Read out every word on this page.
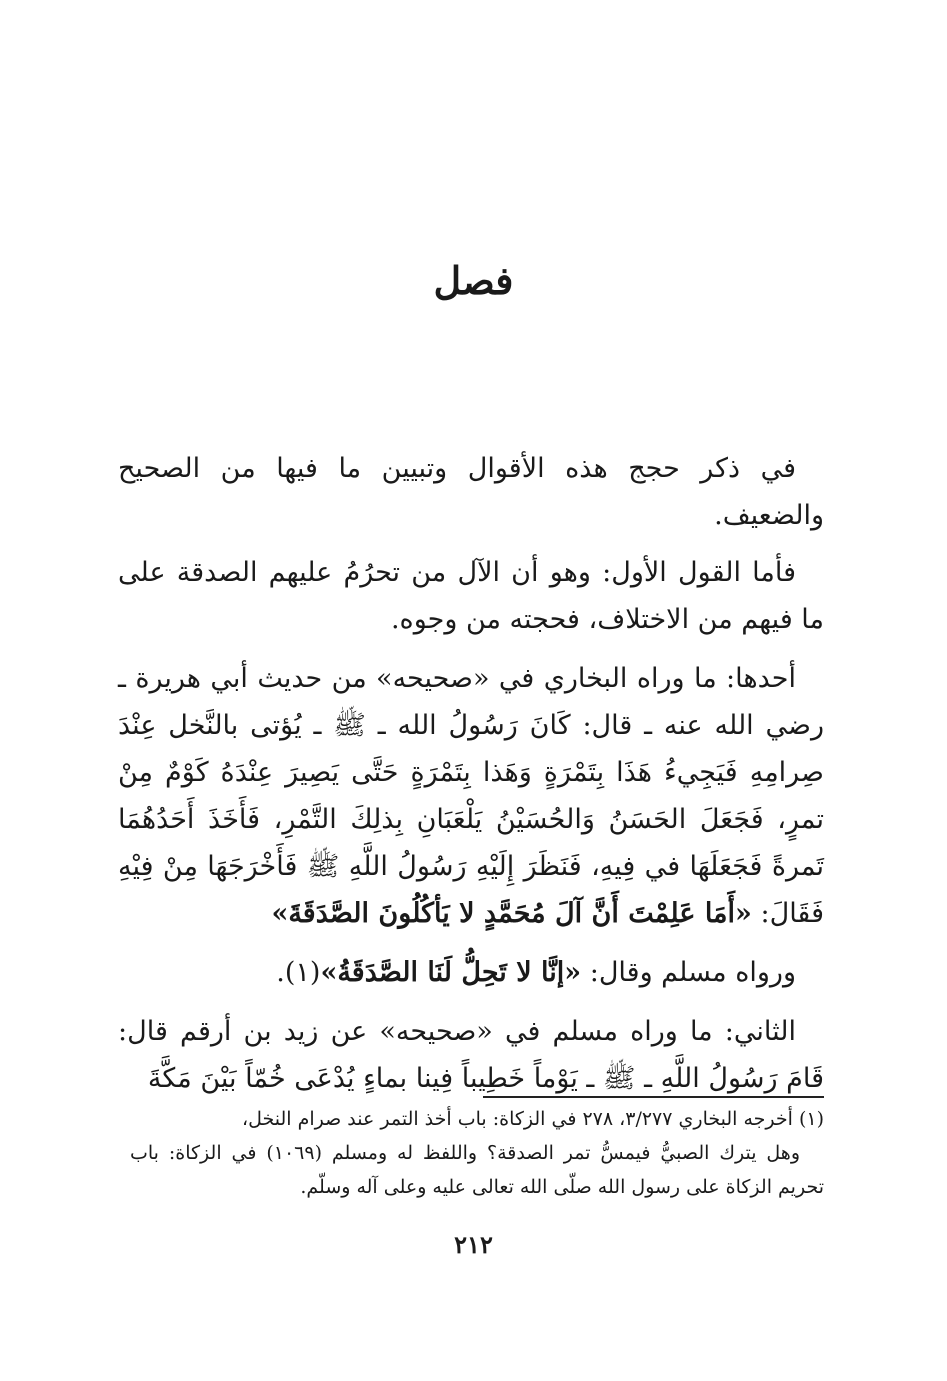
فصل

في ذكر حجج هذه الأقوال وتبيين ما فيها من الصحيح والضعيف.

فأما القول الأول: وهو أن الآل من تحرُمُ عليهم الصدقة على ما فيهم من الاختلاف، فحجته من وجوه.

أحدها: ما وراه البخاري في «صحيحه» من حديث أبي هريرة ـ رضي الله عنه ـ قال: كَانَ رَسُولُ الله ـ ﷺ ـ يُؤتى بالنَّخل عِنْدَ صِرامِهِ فَيَجِيءُ هَذَا بِتَمْرَةٍ وَهَذا بِتَمْرَةٍ حَتَّى يَصِيرَ عِنْدَهُ كَوْمٌ مِنْ تمرٍ، فَجَعَلَ الحَسَنُ وَالحُسَيْنُ يَلْعَبَانِ بِذلِكَ التَّمْرِ، فَأَخَذَ أَحَدُهُمَا تَمرةً فَجَعَلَهَا في فِيهِ، فَنَظَرَ إِلَيْهِ رَسُولُ اللَّهِ ﷺ فَأَخْرَجَهَا مِنْ فِيْهِ فَقَالَ: «أَمَا عَلِمْتَ أَنَّ آلَ مُحَمَّدٍ لا يَأكُلُونَ الصَّدَقَةَ»

ورواه مسلم وقال: «إنَّا لا تَحِلُّ لَنَا الصَّدَقَةُ»(١).

الثاني: ما وراه مسلم في «صحيحه» عن زيد بن أرقم قال: قَامَ رَسُولُ اللَّهِ ـ ﷺ ـ يَوْماً خَطِيباً فِينا بماءٍ يُدْعَى خُمّاً بَيْنَ مَكَّةَ

(١) أخرجه البخاري ٣/٢٧٧، ٢٧٨ في الزكاة: باب أخذ التمر عند صرام النخل،
وهل يترك الصبيُّ فيمسُّ تمر الصدقة؟ واللفظ له ومسلم (١٠٦٩) في الزكاة: باب تحريم الزكاة على رسول الله صلّى الله تعالى عليه وعلى آله وسلّم.
٢١٢
